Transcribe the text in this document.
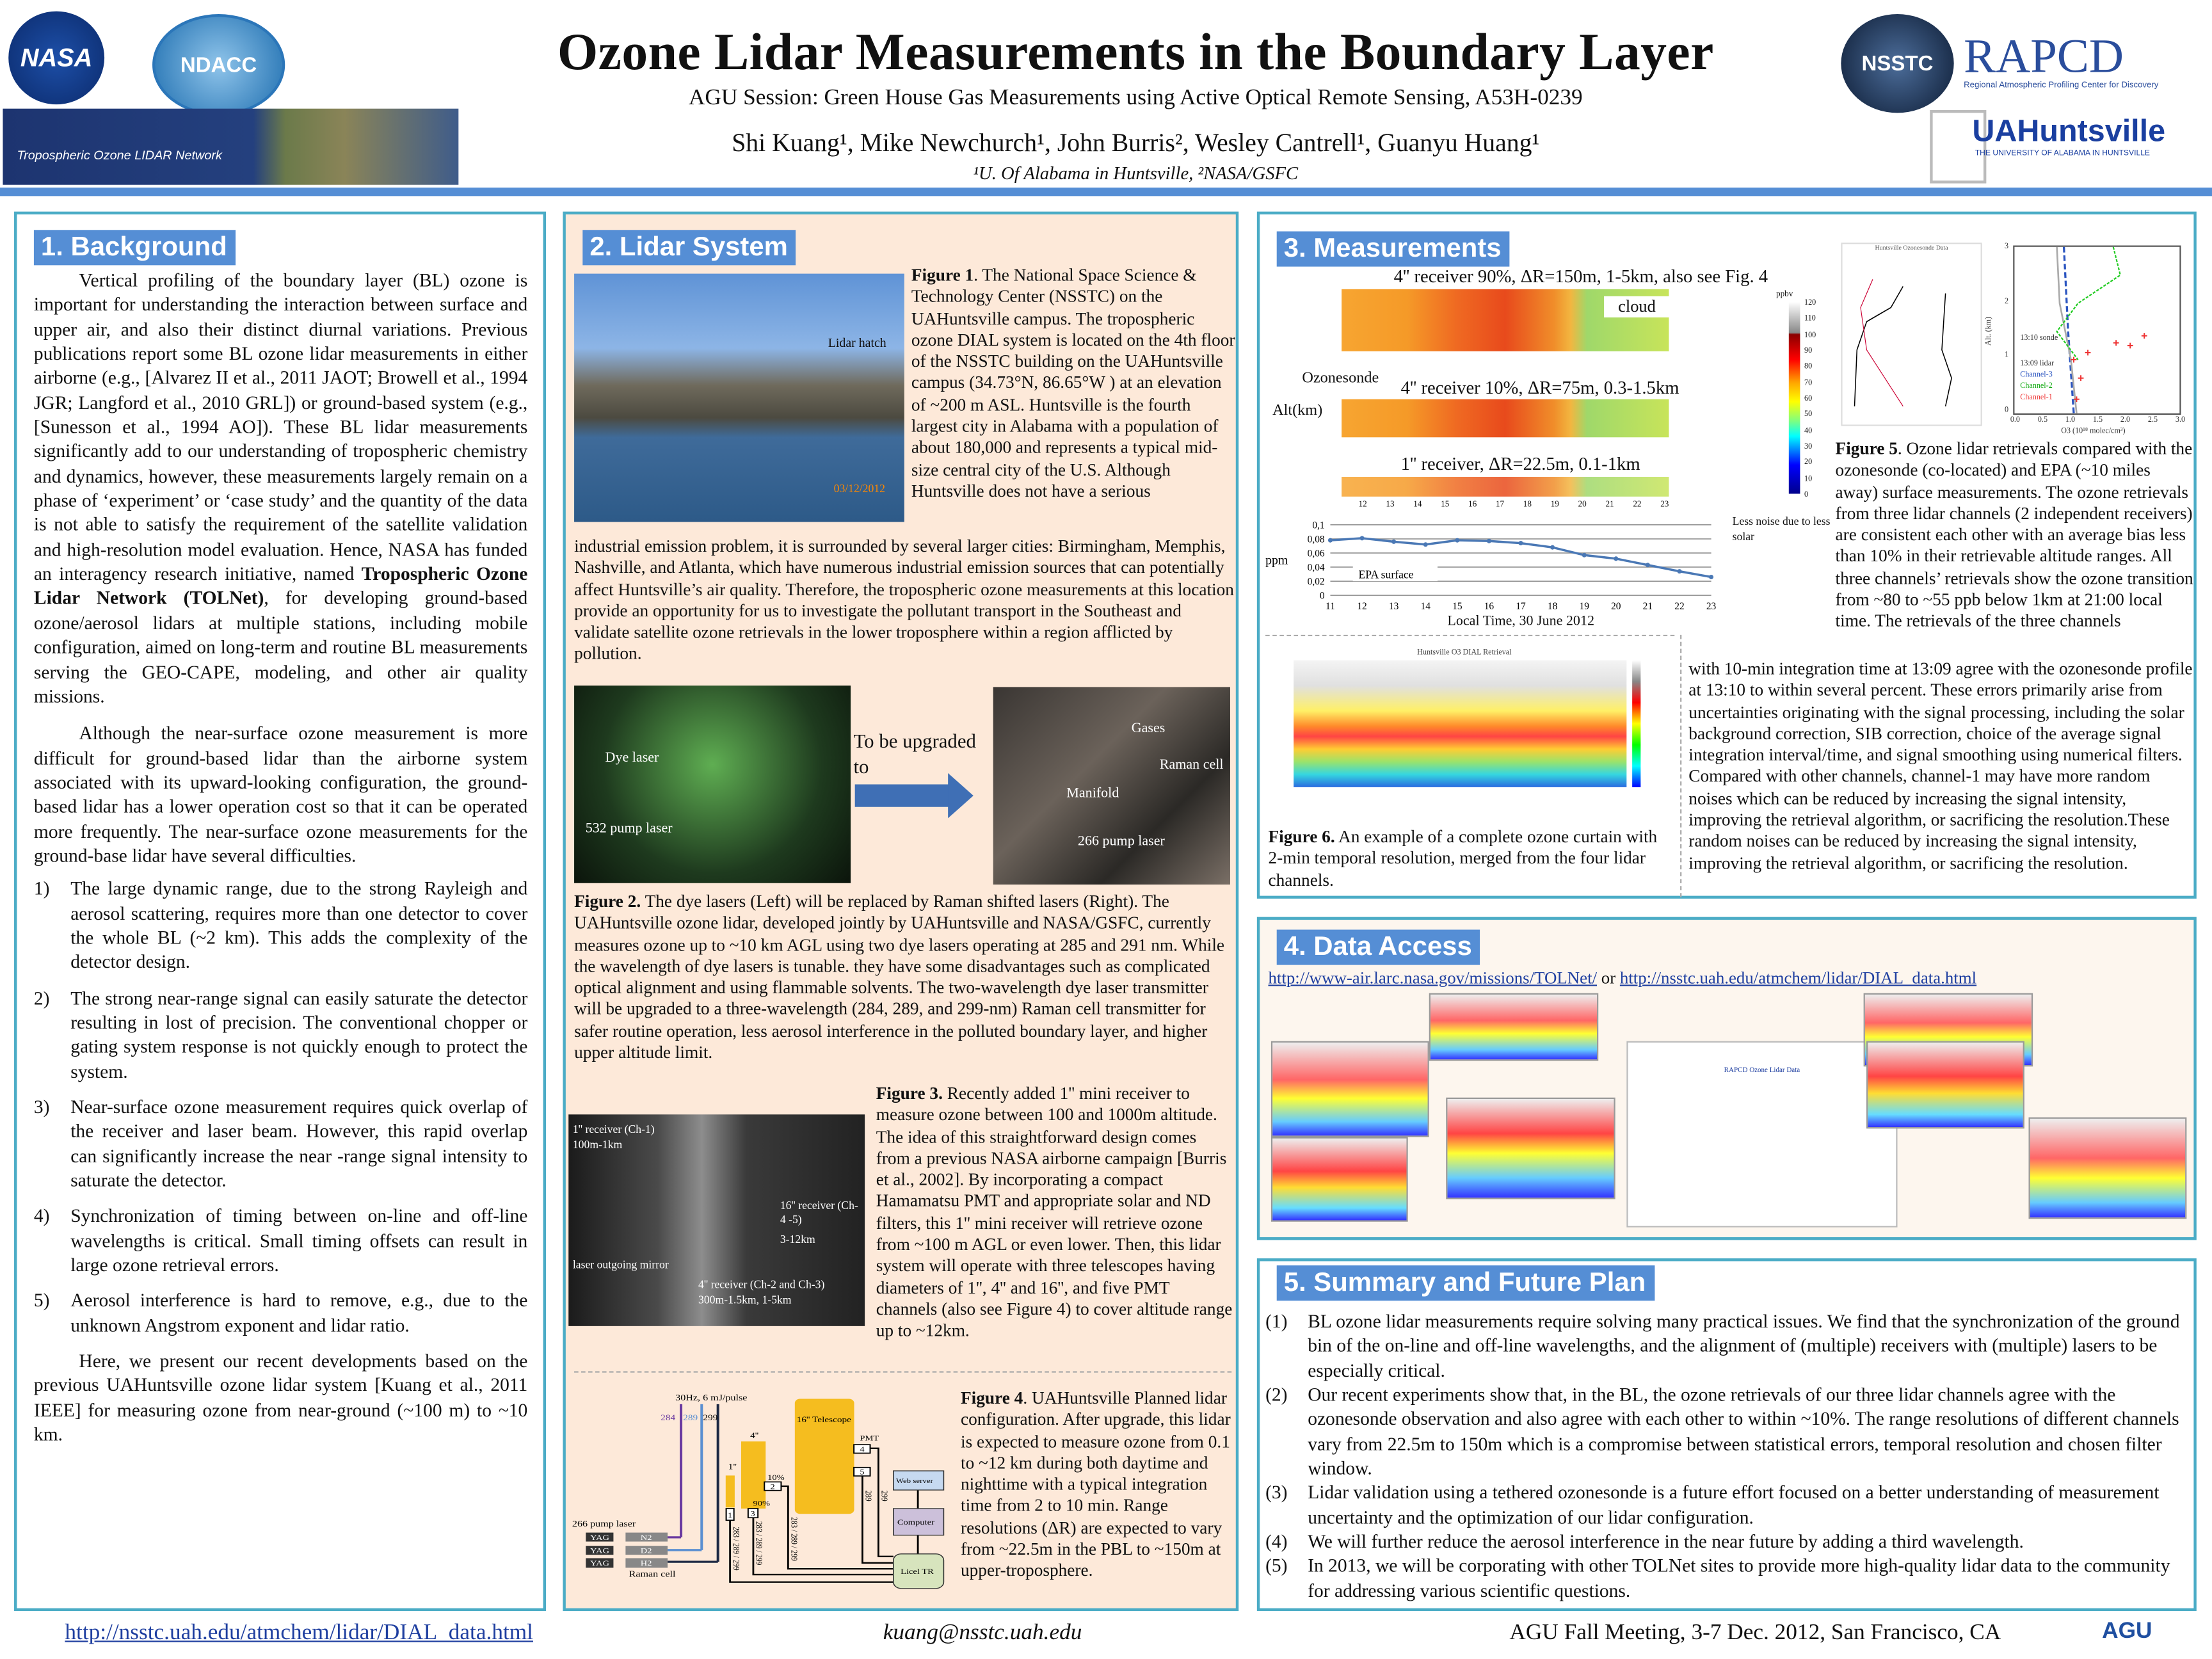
NASA	NDACC
Tropospheric Ozone LIDAR Network
Ozone Lidar Measurements in the Boundary Layer
AGU Session: Green House Gas Measurements using Active Optical Remote Sensing, A53H-0239
Shi Kuang¹, Mike Newchurch¹, John Burris², Wesley Cantrell¹, Guanyu Huang¹
¹U. Of Alabama in Huntsville, ²NASA/GSFC
NSSTC RAPCD
Regional Atmospheric Profiling Center for Discovery
UAHuntsville
THE UNIVERSITY OF ALABAMA IN HUNTSVILLE
1. Background

Vertical profiling of the boundary layer (BL) ozone is important for understanding the interaction between surface and upper air, and also their distinct diurnal variations. Previous publications report some BL ozone lidar measurements in either airborne (e.g., [Alvarez II et al., 2011 JAOT; Browell et al., 1994 JGR; Langford et al., 2010 GRL]) or ground-based system (e.g., [Sunesson et al., 1994 AO]). These BL lidar measurements significantly add to our understanding of tropospheric chemistry and dynamics, however, these measurements largely remain on a phase of ‘experiment’ or ‘case study’ and the quantity of the data is not able to satisfy the requirement of the satellite validation and high-resolution model evaluation. Hence, NASA has funded an interagency research initiative, named Tropospheric Ozone Lidar Network (TOLNet), for developing ground-based ozone/aerosol lidars at multiple stations, including mobile configuration, aimed on long-term and routine BL measurements serving the GEO-CAPE, modeling, and other air quality missions.

Although the near-surface ozone measurement is more difficult for ground-based lidar than the airborne system associated with its upward-looking configuration, the ground-based lidar has a lower operation cost so that it can be operated more frequently. The near-surface ozone measurements for the ground-base lidar have several difficulties.

1)	The large dynamic range, due to the strong Rayleigh and aerosol scattering, requires more than one detector to cover the whole BL (~2 km). This adds the complexity of the detector design.
2)	The strong near-range signal can easily saturate the detector resulting in lost of precision. The conventional chopper or gating system response is not quickly enough to protect the system.
3)	Near-surface ozone measurement requires quick overlap of the receiver and laser beam. However, this rapid overlap can significantly increase the near -range signal intensity to saturate the detector.
4)	Synchronization of timing between on-line and off-line wavelengths is critical. Small timing offsets can result in large ozone retrieval errors.
5)	Aerosol interference is hard to remove, e.g., due to the unknown Angstrom exponent and lidar ratio.

Here, we present our recent developments based on the previous UAHuntsville ozone lidar system [Kuang et al., 2011 IEEE] for measuring ozone from near-ground (~100 m) to ~10 km.

2. Lidar System
Lidar hatch
03/12/2012
Figure 1. The National Space Science & Technology Center (NSSTC) on the UAHuntsville campus. The tropospheric ozone DIAL system is located on the 4th floor of the NSSTC building on the UAHuntsville campus (34.73°N, 86.65°W ) at an elevation of ~200 m ASL. Huntsville is the fourth largest city in Alabama with a population of about 180,000 and represents a typical mid-size central city of the U.S. Although Huntsville does not have a serious
industrial emission problem, it is surrounded by several larger cities: Birmingham, Memphis, Nashville, and Atlanta, which have numerous industrial emission sources that can potentially affect Huntsville’s air quality. Therefore, the tropospheric ozone measurements at this location provide an opportunity for us to investigate the pollutant transport in the Southeast and validate satellite ozone retrievals in the lower troposphere within a region afflicted by pollution.
Dye laser
532 pump laser
To be upgraded to
Gases
Raman cell
Manifold
266 pump laser
Figure 2. The dye lasers (Left) will be replaced by Raman shifted lasers (Right). The UAHuntsville ozone lidar, developed jointly by UAHuntsville and NASA/GSFC, currently measures ozone up to ~10 km AGL using two dye lasers operating at 285 and 291 nm. While the wavelength of dye lasers is tunable. they have some disadvantages such as complicated optical alignment and using flammable solvents. The two-wavelength dye laser transmitter will be upgraded to a three-wavelength (284, 289, and 299-nm) Raman cell transmitter for safer routine operation, less aerosol interference in the polluted boundary layer, and higher upper altitude limit.
1'' receiver (Ch-1)
100m-1km
16'' receiver (Ch-4 -5)
3-12km
laser outgoing mirror
4'' receiver (Ch-2 and Ch-3)
300m-1.5km, 1-5km
Figure 3. Recently added 1'' mini receiver to measure ozone between 100 and 1000m altitude. The idea of this straightforward design comes from a previous NASA airborne campaign [Burris et al., 2002]. By incorporating a compact Hamamatsu PMT and appropriate solar and ND filters, this 1'' mini receiver will retrieve ozone from ~100 m AGL or even lower. Then, this lidar system will operate with three telescopes having diameters of 1'', 4'' and 16'', and five PMT channels (also see Figure 4) to cover altitude range up to ~12km.
30Hz, 6 mJ/pulse
284 289 299
266 pump laser
YAG N2
YAG D2
YAG H2
Raman cell
1''
4''
16'' Telescope
10%
90%
1
2
3
PMT
4
5
283 / 289 / 299 283 / 289 / 299 283 / 289 / 299
289 299
Web server
Computer
Licel TR
Figure 4. UAHuntsville Planned lidar configuration. After upgrade, this lidar is expected to measure ozone from 0.1 to ~12 km during both daytime and nighttime with a typical integration time from 2 to 10 min. Range resolutions (ΔR) are expected to vary from ~22.5m in the PBL to ~150m at upper-troposphere.
3. Measurements
4'' receiver 90%, ΔR=150m, 1-5km, also see Fig. 4
cloud
Ozonesonde	4'' receiver 10%, ΔR=75m, 0.3-1.5km
Alt(km)
1'' receiver, ΔR=22.5m, 0.1-1km
12	13	14	15	16	17	18	19	20	21	22	23
ppbv
120
110
100
90
80
70
60
50
40
30
20
10
0
Less noise due to less solar
0
0,02
0,04
0,06
0,08
0,1
11	12	13	14	15	16	17	18	19	20	21	22	23
ppm
EPA surface
Local Time, 30 June 2012
Huntsville Ozonesonde Data
13:10 sonde
13:09 lidar
Channel-3
Channel-2
Channel-1
Alt. (km)
0
1
2
3
0.0	0.5	1.0	1.5	2.0	2.5	3.0
O3 (10¹⁸ molec/cm³)
Figure 5. Ozone lidar retrievals compared with the ozonesonde (co-located) and EPA (~10 miles away) surface measurements. The ozone retrievals from three lidar channels (2 independent receivers) are consistent each other with an average bias less than 10% in their retrievable altitude ranges. All three channels’ retrievals show the ozone transition from ~80 to ~55 ppb below 1km at 21:00 local time. The retrievals of the three channels
Huntsville O3 DIAL Retrieval
Figure 6. An example of a complete ozone curtain with 2-min temporal resolution, merged from the four lidar channels.
with 10-min integration time at 13:09 agree with the ozonesonde profile at 13:10 to within several percent. These errors primarily arise from uncertainties originating with the signal processing, including the solar background correction, SIB correction, choice of the average signal integration interval/time, and signal smoothing using numerical filters. Compared with other channels, channel-1 may have more random noises which can be reduced by increasing the signal intensity, improving the retrieval algorithm, or sacrificing the resolution.These random noises can be reduced by increasing the signal intensity, improving the retrieval algorithm, or sacrificing the resolution.
4. Data Access
http://www-air.larc.nasa.gov/missions/TOLNet/ or http://nsstc.uah.edu/atmchem/lidar/DIAL_data.html
RAPCD Ozone Lidar Data
5. Summary and Future Plan
(1)	BL ozone lidar measurements require solving many practical issues. We find that the synchronization of the ground bin of the on-line and off-line wavelengths, and the alignment of (multiple) receivers with (multiple) lasers to be especially critical.
(2)	Our recent experiments show that, in the BL, the ozone retrievals of our three lidar channels agree with the ozonesonde observation and also agree with each other to within ~10%. The range resolutions of different channels vary from 22.5m to 150m which is a compromise between statistical errors, temporal resolution and chosen filter window.
(3)	Lidar validation using a tethered ozonesonde is a future effort focused on a better understanding of measurement uncertainty and the optimization of our lidar configuration.
(4)	We will further reduce the aerosol interference in the near future by adding a third wavelength.
(5)	In 2013, we will be corporating with other TOLNet sites to provide more high-quality lidar data to the community for addressing various scientific questions.
http://nsstc.uah.edu/atmchem/lidar/DIAL_data.html	kuang@nsstc.uah.edu	AGU Fall Meeting, 3-7 Dec. 2012, San Francisco, CA	AGU
